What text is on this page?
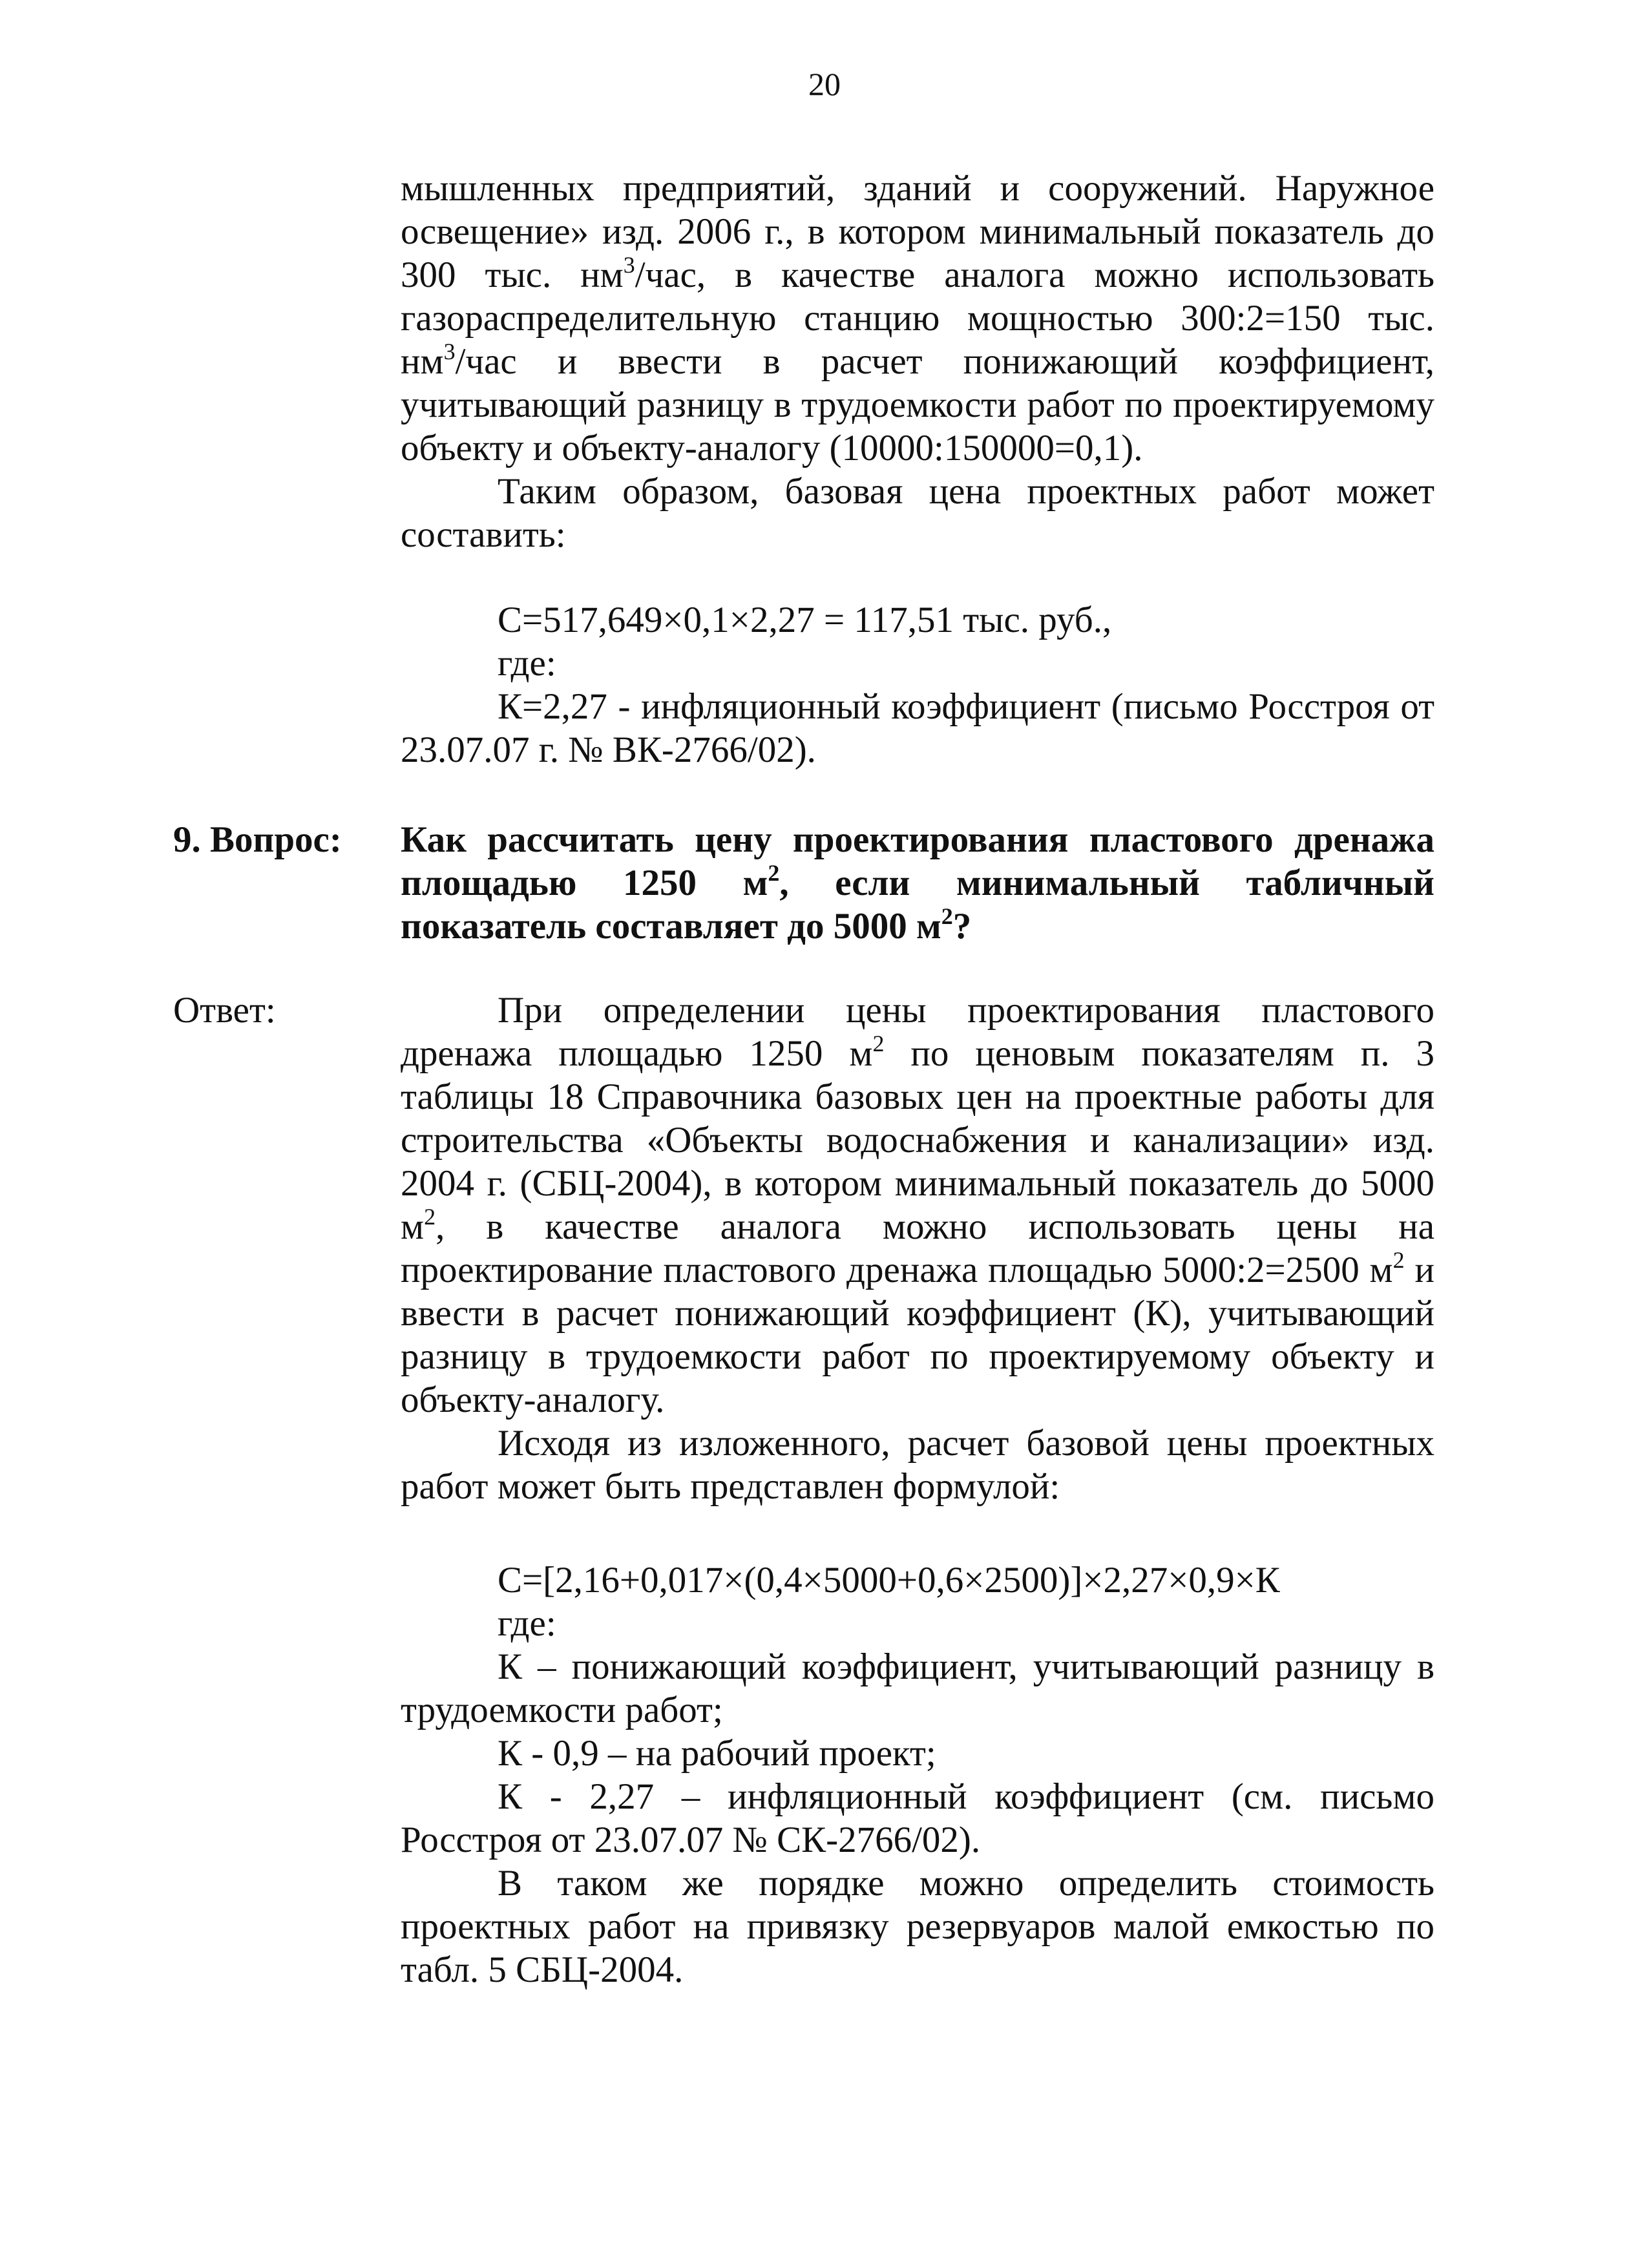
20

мышленных предприятий, зданий и сооружений. Наружное освещение» изд. 2006 г., в котором минимальный показатель до 300 тыс. $нм^3$/час, в качестве аналога можно использовать газораспределительную станцию мощностью 300:2=150 тыс. $нм^3$/час и ввести в расчет понижающий коэффициент, учитывающий разницу в трудоемкости работ по проектируемому объекту и объекту-аналогу (10000:150000=0,1).

Таким образом, базовая цена проектных работ может составить:

С=517,649×0,1×2,27 = 117,51 тыс. руб.,

где:

К=2,27 - инфляционный коэффициент (письмо Росстроя от 23.07.07 г. № ВК-2766/02).

9. Вопрос: Как рассчитать цену проектирования пластового дренажа площадью 1250 $м^2$, если минимальный табличный показатель составляет до 5000 $м^2$?

Ответ:	При определении цены проектирования пластового дренажа площадью 1250 $м^2$ по ценовым показателям п. 3 таблицы 18 Справочника базовых цен на проектные работы для строительства «Объекты водоснабжения и канализации» изд. 2004 г. (СБЦ-2004), в котором минимальный показатель до 5000 $м^2$, в качестве аналога можно использовать цены на проектирование пластового дренажа площадью 5000:2=2500 $м^2$ и ввести в расчет понижающий коэффициент (К), учитывающий разницу в трудоемкости работ по проектируемому объекту и объекту-аналогу.

Исходя из изложенного, расчет базовой цены проектных работ может быть представлен формулой:

С=[2,16+0,017×(0,4×5000+0,6×2500)]×2,27×0,9×К

где:

К – понижающий коэффициент, учитывающий разницу в трудоемкости работ;

К - 0,9 – на рабочий проект;

К - 2,27 – инфляционный коэффициент (см. письмо Росстроя от 23.07.07 № СК-2766/02).

В таком же порядке можно определить стоимость проектных работ на привязку резервуаров малой емкостью по табл. 5 СБЦ-2004.
